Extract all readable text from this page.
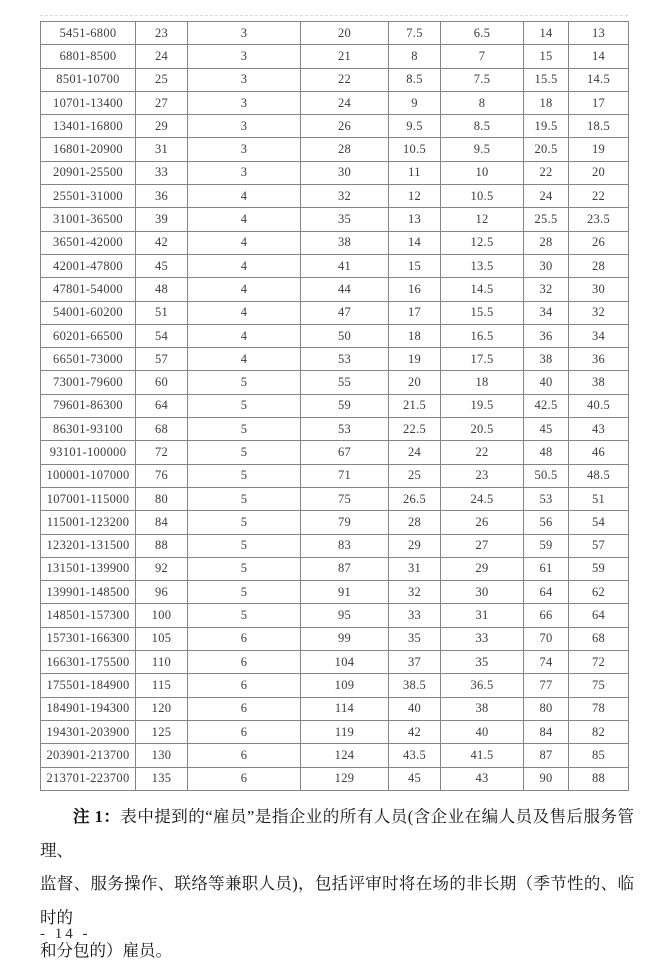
5451-6800	23	3	20	7.5	6.5	14	13
6801-8500	24	3	21	8	7	15	14
8501-10700	25	3	22	8.5	7.5	15.5	14.5
10701-13400	27	3	24	9	8	18	17
13401-16800	29	3	26	9.5	8.5	19.5	18.5
16801-20900	31	3	28	10.5	9.5	20.5	19
20901-25500	33	3	30	11	10	22	20
25501-31000	36	4	32	12	10.5	24	22
31001-36500	39	4	35	13	12	25.5	23.5
36501-42000	42	4	38	14	12.5	28	26
42001-47800	45	4	41	15	13.5	30	28
47801-54000	48	4	44	16	14.5	32	30
54001-60200	51	4	47	17	15.5	34	32
60201-66500	54	4	50	18	16.5	36	34
66501-73000	57	4	53	19	17.5	38	36
73001-79600	60	5	55	20	18	40	38
79601-86300	64	5	59	21.5	19.5	42.5	40.5
86301-93100	68	5	53	22.5	20.5	45	43
93101-100000	72	5	67	24	22	48	46
100001-107000	76	5	71	25	23	50.5	48.5
107001-115000	80	5	75	26.5	24.5	53	51
115001-123200	84	5	79	28	26	56	54
123201-131500	88	5	83	29	27	59	57
131501-139900	92	5	87	31	29	61	59
139901-148500	96	5	91	32	30	64	62
148501-157300	100	5	95	33	31	66	64
157301-166300	105	6	99	35	33	70	68
166301-175500	110	6	104	37	35	74	72
175501-184900	115	6	109	38.5	36.5	77	75
184901-194300	120	6	114	40	38	80	78
194301-203900	125	6	119	42	40	84	82
203901-213700	130	6	124	43.5	41.5	87	85
213701-223700	135	6	129	45	43	90	88
注 1：表中提到的“雇员”是指企业的所有人员(含企业在编人员及售后服务管理、
监督、服务操作、联络等兼职人员)，包括评审时将在场的非长期（季节性的、临时的
和分包的）雇员。
- 14 -
